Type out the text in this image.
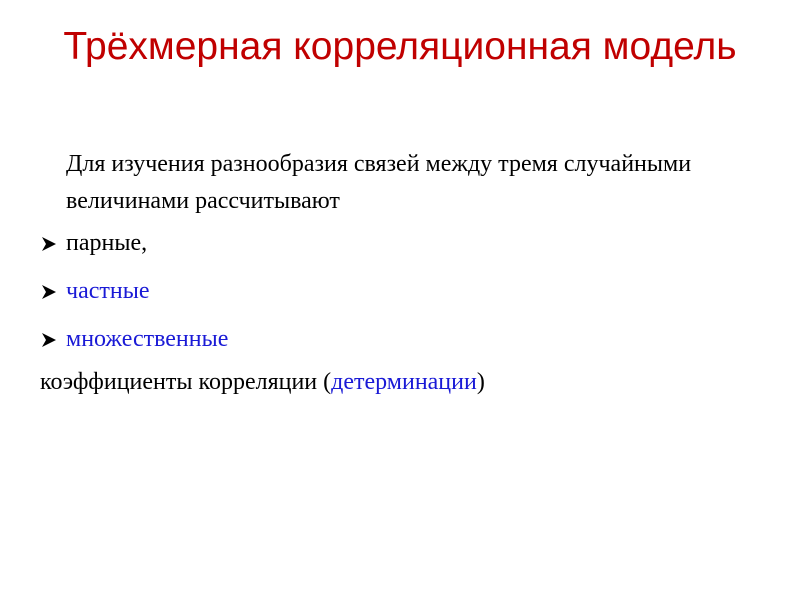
Трёхмерная корреляционная модель

Для изучения разнообразия связей между тремя случайными величинами рассчитывают

парные,
частные
множественные

коэффициенты корреляции (детерминации)
